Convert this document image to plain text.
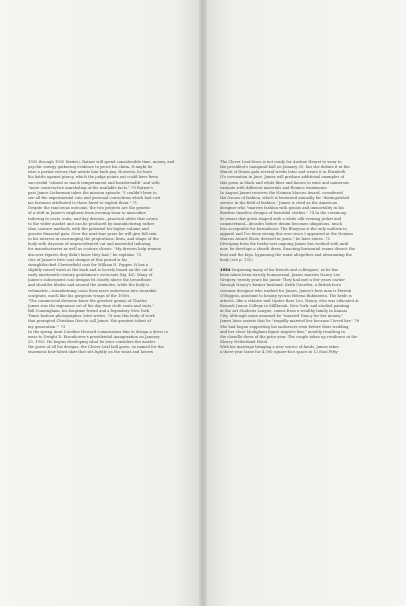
1955 through 1955 Sixties), Ratner will spend considerable time, money, and
psychic energy gathering evidence to prove his claim. It might be
wise a partial victory that awaits him back pay. However, he loses
his battle against piracy, which the judge points out could have been
successful "absent so much temperament and hairsbreadth" and with
"more constructive marshaling of the available facts." 70 Ratner's
past James Lieberman takes the mission episode. "I couldn't bear to
see all the experimental cuts and personal convictions which had cost
me fortunes attributed to those hired to exploit them." 71
Despite the rancorous outcome, the two projects are the genesis
of a shift in James's emphasis from evening wear to masculine
tailoring in coats, suits, and day dresses—practical attire that caters
to the wider market and can be produced by manufacturing rather
than couture methods, with the potential for higher volume and
greater financial gain. Over the next four years he will give full rein
to his interest in rearranging the proportions, lines, and shape of the
body with daywear of unprecedented cut and masterful tailoring,
for manufacturers as well as couture clients. "My dresses help women
discover figures they didn't know they had," he explains. 72
One of James's first coat designs of this period is his
straightbacked Chesterfield coat for William N. Popper. It has a
slightly raised waist at the back and is loosely based on the cut of
early nineteenth-century gentlemen's overcoats (fig. 40). Many of
James's subsequent coat designs fit closely above the breastbone
and shoulder blades and around the armholes, while the body is
volumetric—transforming coats from mere outerwear into wearable
sculpture, much like his gorgeous wraps of the 1930s.
"The commercial dressers know the greatest genius of Charles
James was the ingenious cut of his day-time cloth coats and suits,"
Bill Cunningham, his longtime friend and a legendary New York
Times fashion photographer, later writes. "It was this body of work
that prompted Christian Dior to call James 'the greatest talent of
my generation.'" 73
In the spring Aunt Caroline Howard commissions him to design a dress to
wear to Dwight D. Eisenhower's presidential inauguration on January
20, 1953. He begins developing what he later considers the master
the gown of all his designs, the Clover Leaf ball gown, so named for the
enormous four-lobed skirt that sits lightly on the waist and hovers
The Clover Leaf dress is not ready for Austine Hearst to wear to
the president's inaugural ball on January 20, but she debuts it at the
March of Dimes gala several weeks later and wears it in Elizabeth
II's coronation in June. James will produce additional examples of
this gown in black and white fiber and knows to exist and numerous
variants with different materials and flounce treatments.
In August James receives the Neiman Marcus Award, considered
the Oscars of fashion, which is bestowed annually for "distinguished
service in the field of fashion." James is cited as the American
designer who "marries fashion with genius and immortality in his
flawless timeless designs of beautiful clothes." 74 In the ceremony,
he wears that gown shaped with a white silk evening jacket and
cummerbund—decades before denim becomes ubiquitous, much
less acceptable for formalwear. The Bluejean is the only uniform to
apparel and I've been seeing this ever since I appeared at the Neiman
Marcus Award Show, dressed in jeans," he later states. 75
Diverging from the beehy-sort ongoing James has worked with until
now, he develops a sheath dress. Enacting horizontal seams dissect the
bust and the hips, bypassing the waist altogether and attenuating the
body (see p. 131).
1954 Surprising many of his friends and colleagues, as he has
been taken been strictly homosexual, James marries Nancy Lee
Gregory, twenty years his junior. They had met a few years earlier
through Nancy's former husband, Keith Cuerden, a British-born
costume designer who worked for James. James's best man is Patrick
O'Higgins, assistant to beauty tycoon Helena Rubinstein. The bride is
attired—like a relative and Oyster Rose Lee, Nancy, who was educated at
Bennett Junior College in Millbrook, New York, and studied painting
at the Art Students League, comes from a wealthy family in Kansas
City. Although some assumed he "married Nancy for her money,"
James later asserts that he "stupidly married her because I loved her." 76
She had begun supporting his endeavors even before their wedding,
and her close Modigliani figure inspires him," notably resulting in
the chenille dress of the prior year. The couple takes up residence at the
Sherry Netherland Hotel.
With his marriage bringing a new source of funds, James takes
a three-year lease for 4,500 square-foot space at 12 East Fifty-
